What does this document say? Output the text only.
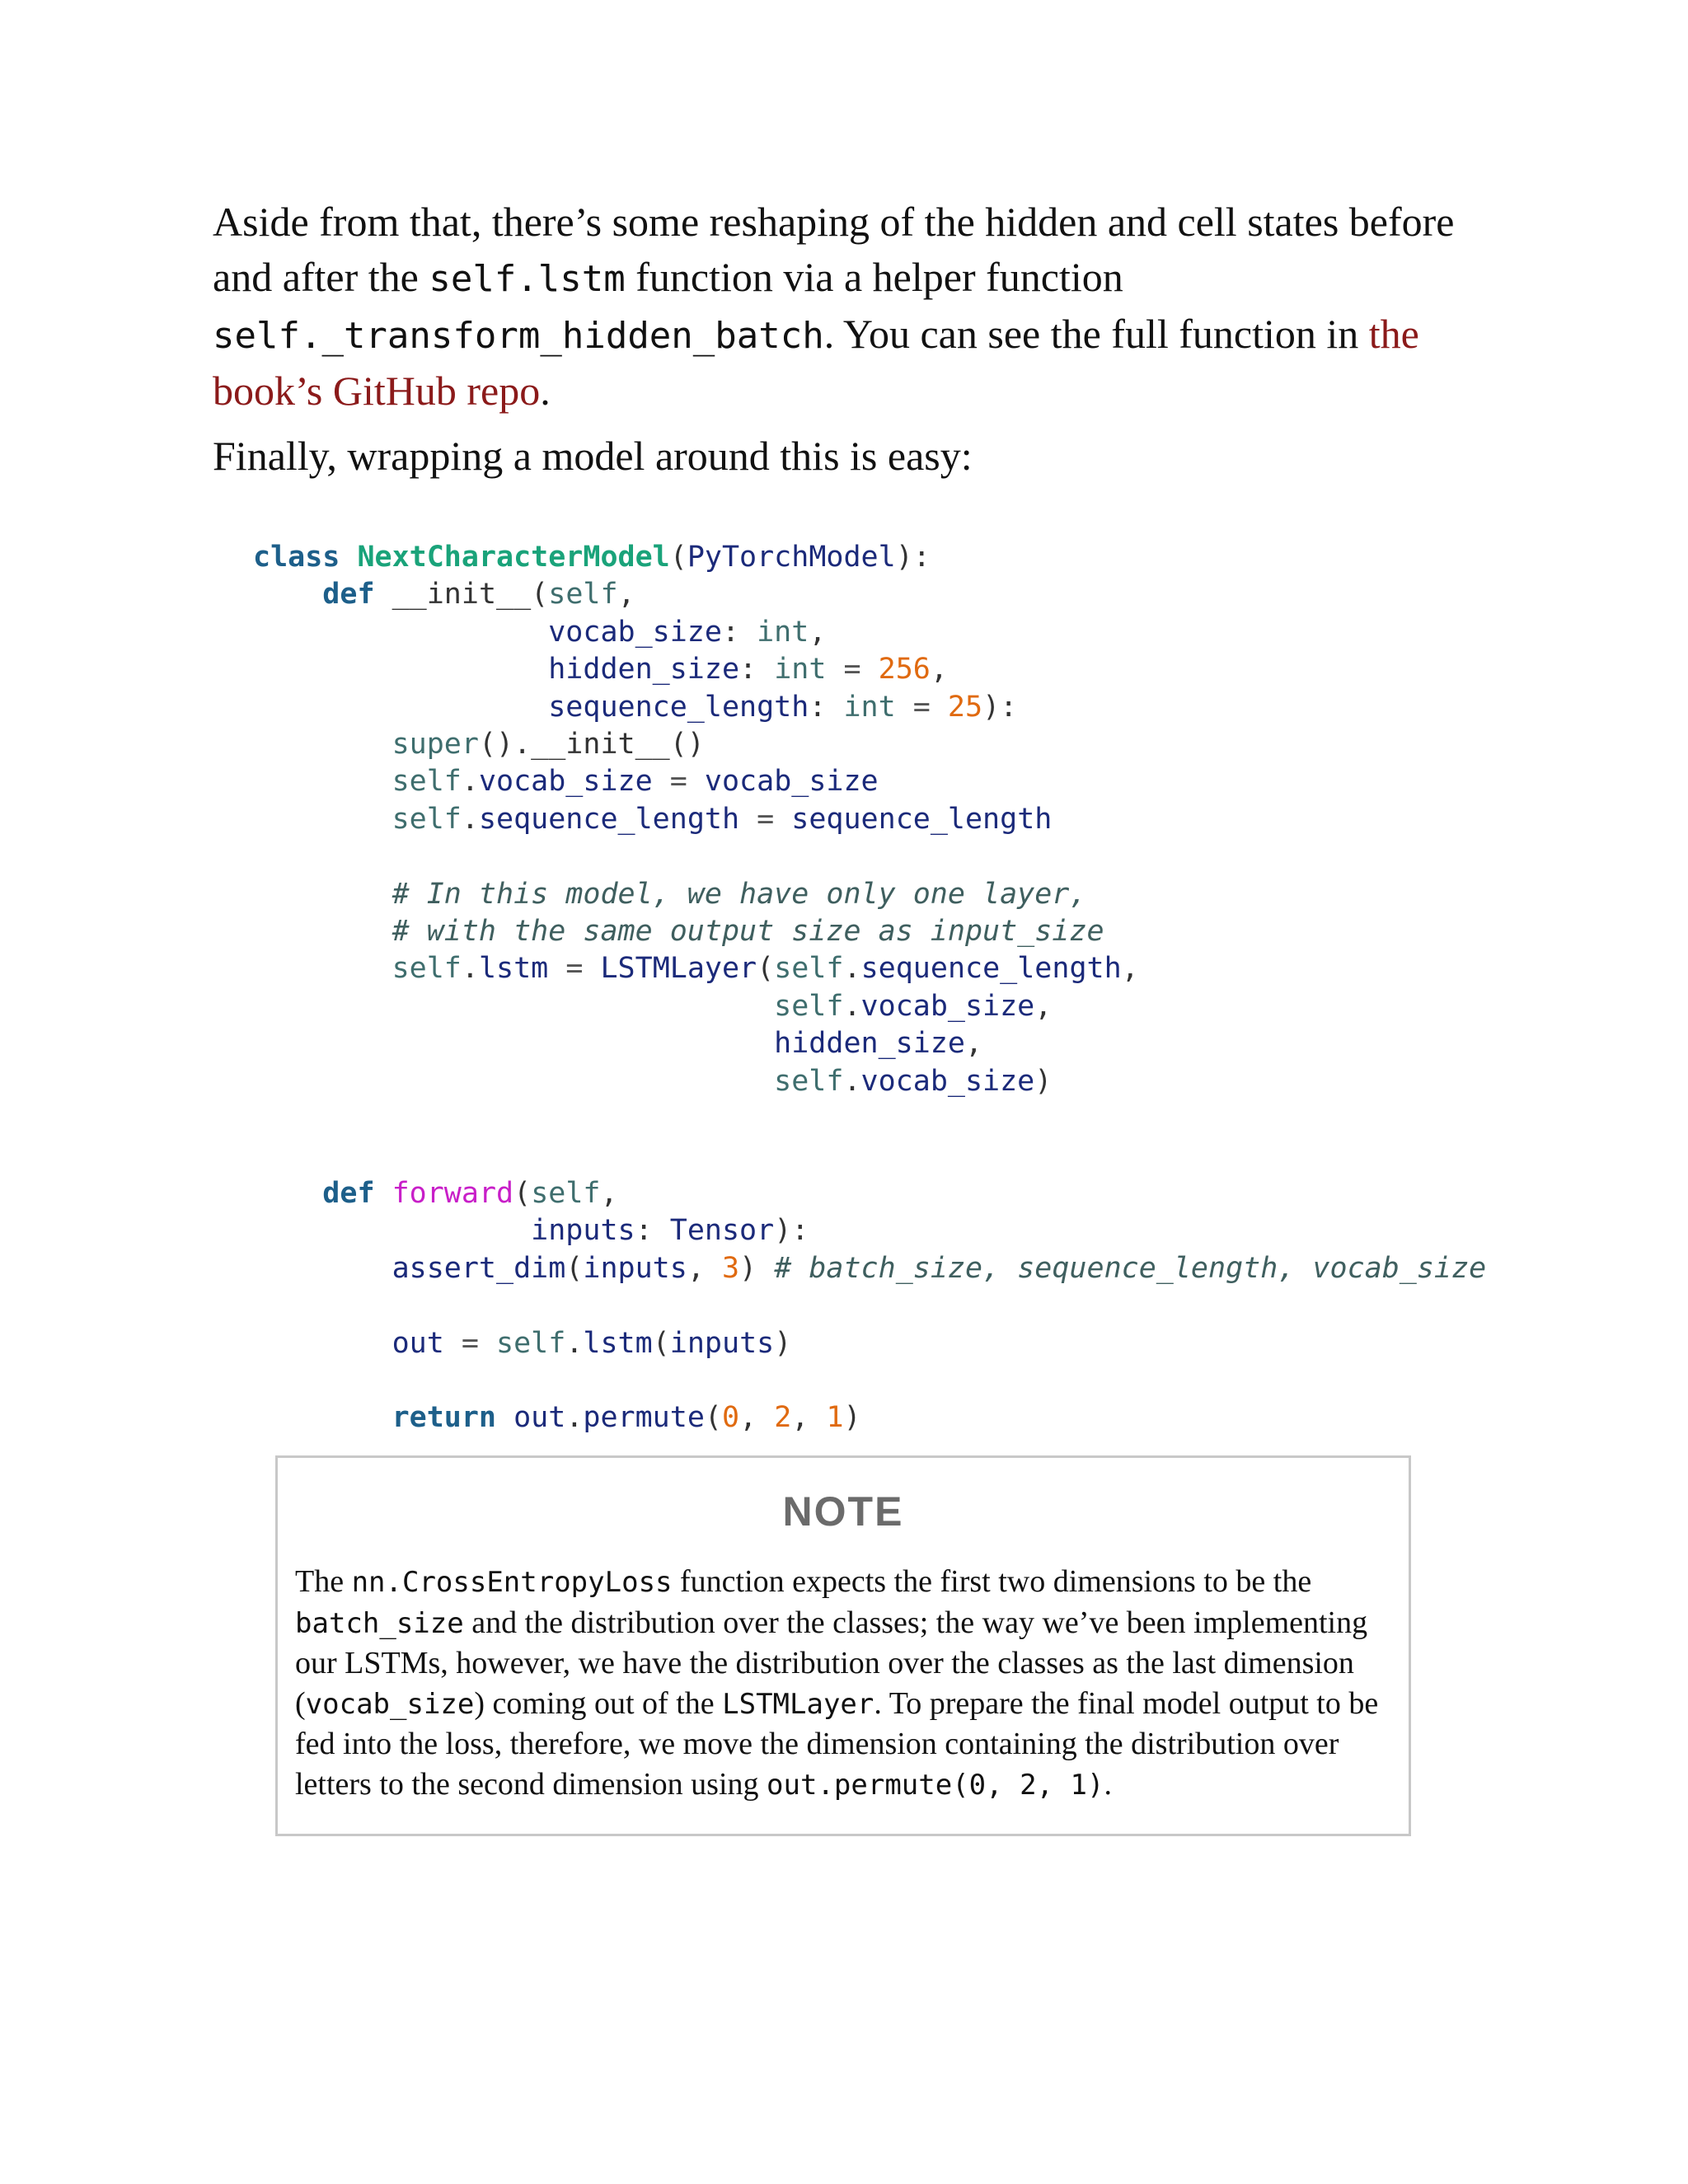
Aside from that, there’s some reshaping of the hidden and cell states before and after the self.lstm function via a helper function self._transform_hidden_batch. You can see the full function in the book’s GitHub repo.

Finally, wrapping a model around this is easy:

class NextCharacterModel(PyTorchModel):
def __init__(self,
vocab_size: int,
hidden_size: int = 256,
sequence_length: int = 25):
super().__init__()
self.vocab_size = vocab_size
self.sequence_length = sequence_length

# In this model, we have only one layer,
# with the same output size as input_size
self.lstm = LSTMLayer(self.sequence_length,
self.vocab_size,
hidden_size,
self.vocab_size)

def forward(self,
inputs: Tensor):
assert_dim(inputs, 3) # batch_size, sequence_length, vocab_size

out = self.lstm(inputs)

return out.permute(0, 2, 1)
NOTE
The nn.CrossEntropyLoss function expects the first two dimensions to be the batch_size and the distribution over the classes; the way we’ve been implementing our LSTMs, however, we have the distribution over the classes as the last dimension (vocab_size) coming out of the LSTMLayer. To prepare the final model output to be fed into the loss, therefore, we move the dimension containing the distribution over letters to the second dimension using out.permute(0, 2, 1).
